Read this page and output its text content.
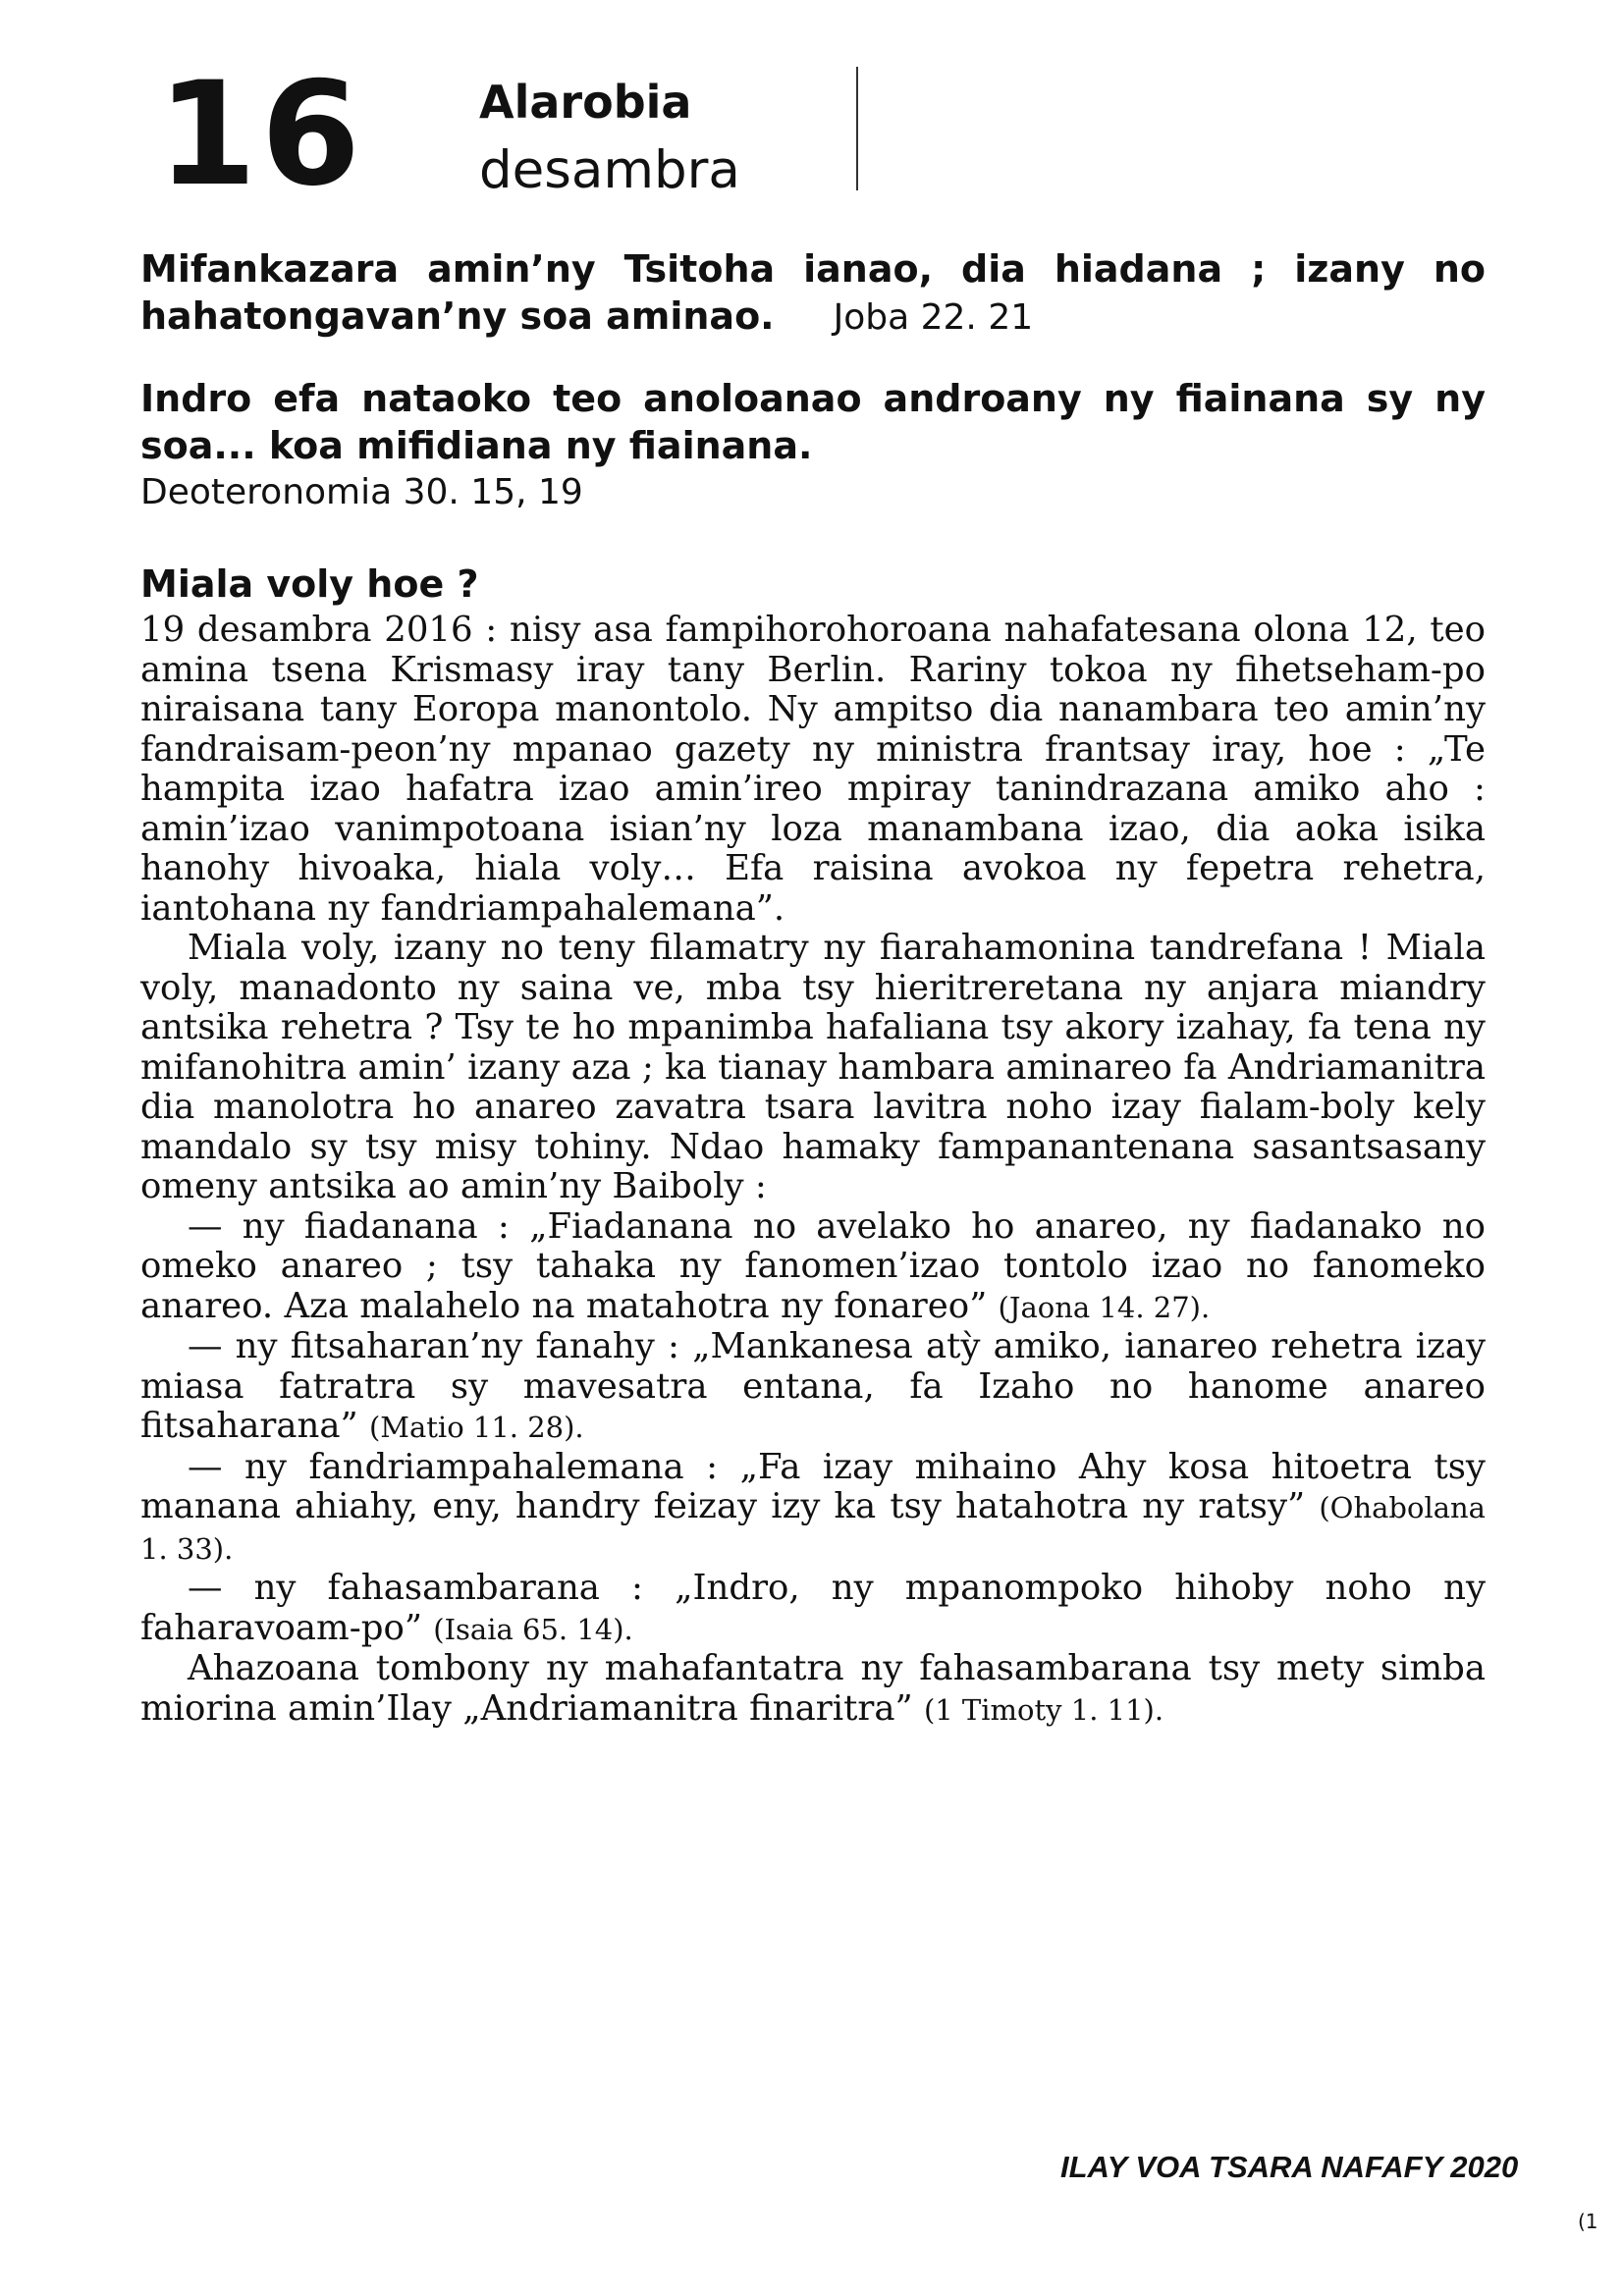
16	Alarobia
desambra
Mifankazara amin’ny Tsitoha ianao, dia hiadana ; izany no hahatongavan’ny soa aminao. Joba 22. 21
Indro efa nataoko teo anoloanao androany ny fiainana sy ny soa... koa mifidiana ny fiainana.
Deoteronomia 30. 15, 19
Miala voly hoe ?

19 desambra 2016 : nisy asa fampihorohoroana nahafatesana olona 12, teo amina tsena Krismasy iray tany Berlin. Rariny tokoa ny fihetseham-po niraisana tany Eoropa manontolo. Ny ampitso dia nanambara teo amin’ny fandraisam-peon’ny mpanao gazety ny ministra frantsay iray, hoe : „Te hampita izao hafatra izao amin’ireo mpiray tanindrazana amiko aho : amin’izao vanimpotoana isian’ny loza manambana izao, dia aoka isika hanohy hivoaka, hiala voly… Efa raisina avokoa ny fepetra rehetra, iantohana ny fandriampahalemana”.

Miala voly, izany no teny filamatry ny fiarahamonina tandrefana ! Miala voly, manadonto ny saina ve, mba tsy hieritreretana ny anjara miandry antsika rehetra ? Tsy te ho mpanimba hafaliana tsy akory izahay, fa tena ny mifanohitra amin’ izany aza ; ka tianay hambara aminareo fa Andriamanitra dia manolotra ho anareo zavatra tsara lavitra noho izay fialam-boly kely mandalo sy tsy misy tohiny. Ndao hamaky fampanantenana sasantsasany omeny antsika ao amin’ny Baiboly :

— ny fiadanana : „Fiadanana no avelako ho anareo, ny fiadanako no omeko anareo ; tsy tahaka ny fanomen’izao tontolo izao no fanomeko anareo. Aza malahelo na matahotra ny fonareo” (Jaona 14. 27).

— ny fitsaharan’ny fanahy : „Mankanesa atỳ amiko, ianareo rehetra izay miasa fatratra sy mavesatra entana, fa Izaho no hanome anareo fitsaharana” (Matio 11. 28).

— ny fandriampahalemana : „Fa izay mihaino Ahy kosa hitoetra tsy manana ahiahy, eny, handry feizay izy ka tsy hatahotra ny ratsy” (Ohabolana 1. 33).

— ny fahasambarana : „Indro, ny mpanompoko hihoby noho ny faharavoam-po” (Isaia 65. 14).

Ahazoana tombony ny mahafantatra ny fahasambarana tsy mety simba miorina amin’Ilay „Andriamanitra finaritra” (1 Timoty 1. 11).

ILAY VOA TSARA NAFAFY 2020
(1
